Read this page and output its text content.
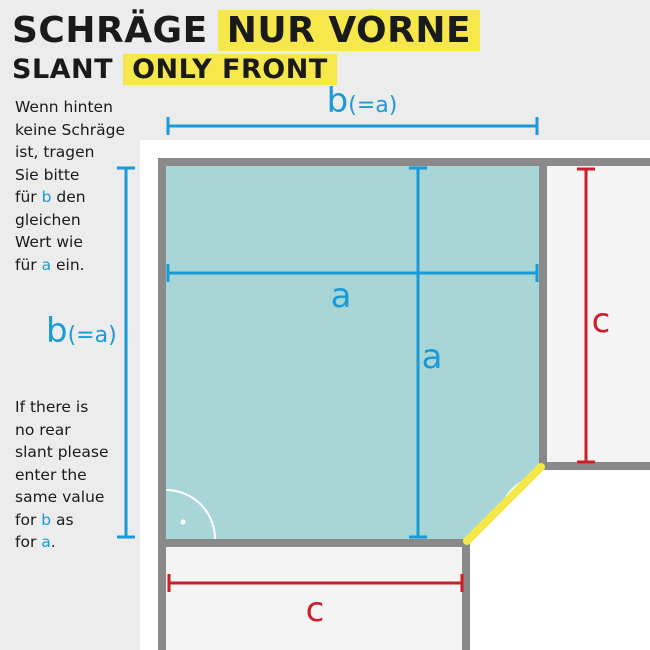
SCHRÄGE NUR VORNE
SLANT ONLY FRONT
Wenn hinten
keine Schräge
ist, tragen
Sie bitte
für b den
gleichen
Wert wie
für a ein.
If there is
no rear
slant please
enter the
same value
for b as
for a.
45°
b(=a)
b(=a)
a
a
c
c
